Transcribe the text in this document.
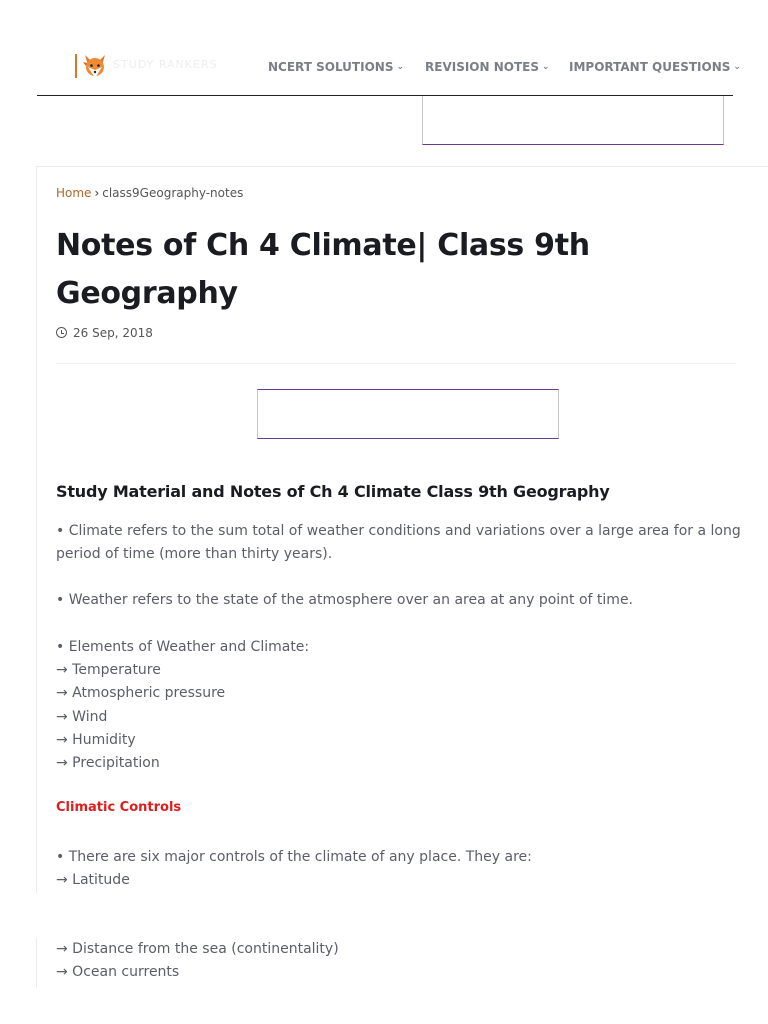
STUDY RANKERS	NCERT SOLUTIONS ⌄ REVISION NOTES ⌄ IMPORTANT QUESTIONS ⌄
Home › class9Geography-notes
Notes of Ch 4 Climate| Class 9th
Geography
26 Sep, 2018
Study Material and Notes of Ch 4 Climate Class 9th Geography
• Climate refers to the sum total of weather conditions and variations over a large area for a long
period of time (more than thirty years).
• Weather refers to the state of the atmosphere over an area at any point of time.
• Elements of Weather and Climate:
→ Temperature
→ Atmospheric pressure
→ Wind
→ Humidity
→ Precipitation
Climatic Controls
• There are six major controls of the climate of any place. They are:
→ Latitude
→ Distance from the sea (continentality)
→ Ocean currents
